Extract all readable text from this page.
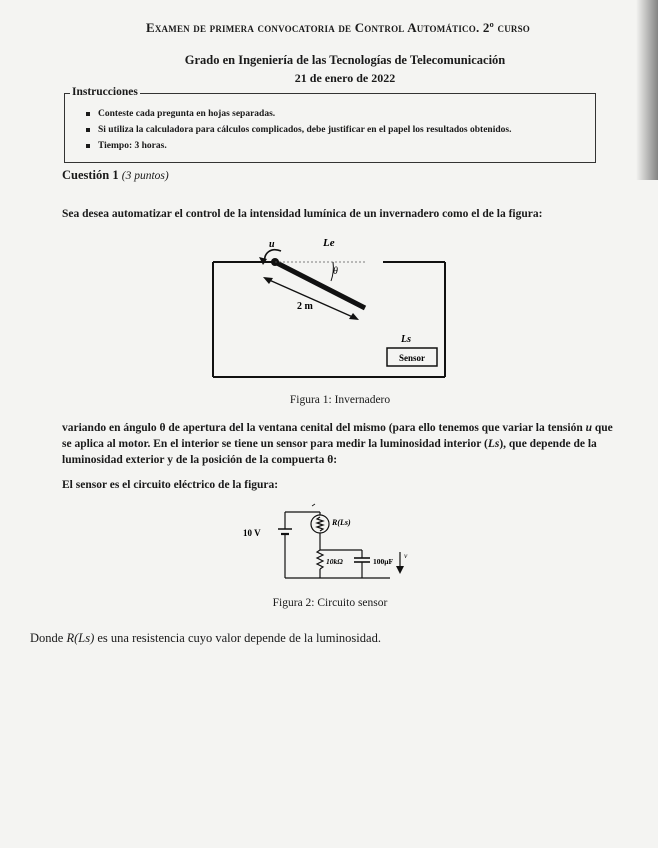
Examen de primera convocatoria de Control Automático. 2º curso
Grado en Ingeniería de las Tecnologías de Telecomunicación
21 de enero de 2022
Instrucciones
Conteste cada pregunta en hojas separadas.
Si utiliza la calculadora para cálculos complicados, debe justificar en el papel los resultados obtenidos.
Tiempo: 3 horas.
Cuestión 1 (3 puntos)
Sea desea automatizar el control de la intensidad lumínica de un invernadero como el de la figura:
θ
u	Le
2 m
Ls
Sensor
Figura 1: Invernadero
variando en ángulo θ de apertura del la ventana cenital del mismo (para ello tenemos que variar la tensión u que se aplica al motor. En el interior se tiene un sensor para medir la luminosidad interior (Ls), que depende de la luminosidad exterior y de la posición de la compuerta θ:
El sensor es el circuito eléctrico de la figura:
10 V
R(Ls)
10kΩ	100μF
v
Figura 2: Circuito sensor
Donde R(Ls) es una resistencia cuyo valor depende de la luminosidad.
